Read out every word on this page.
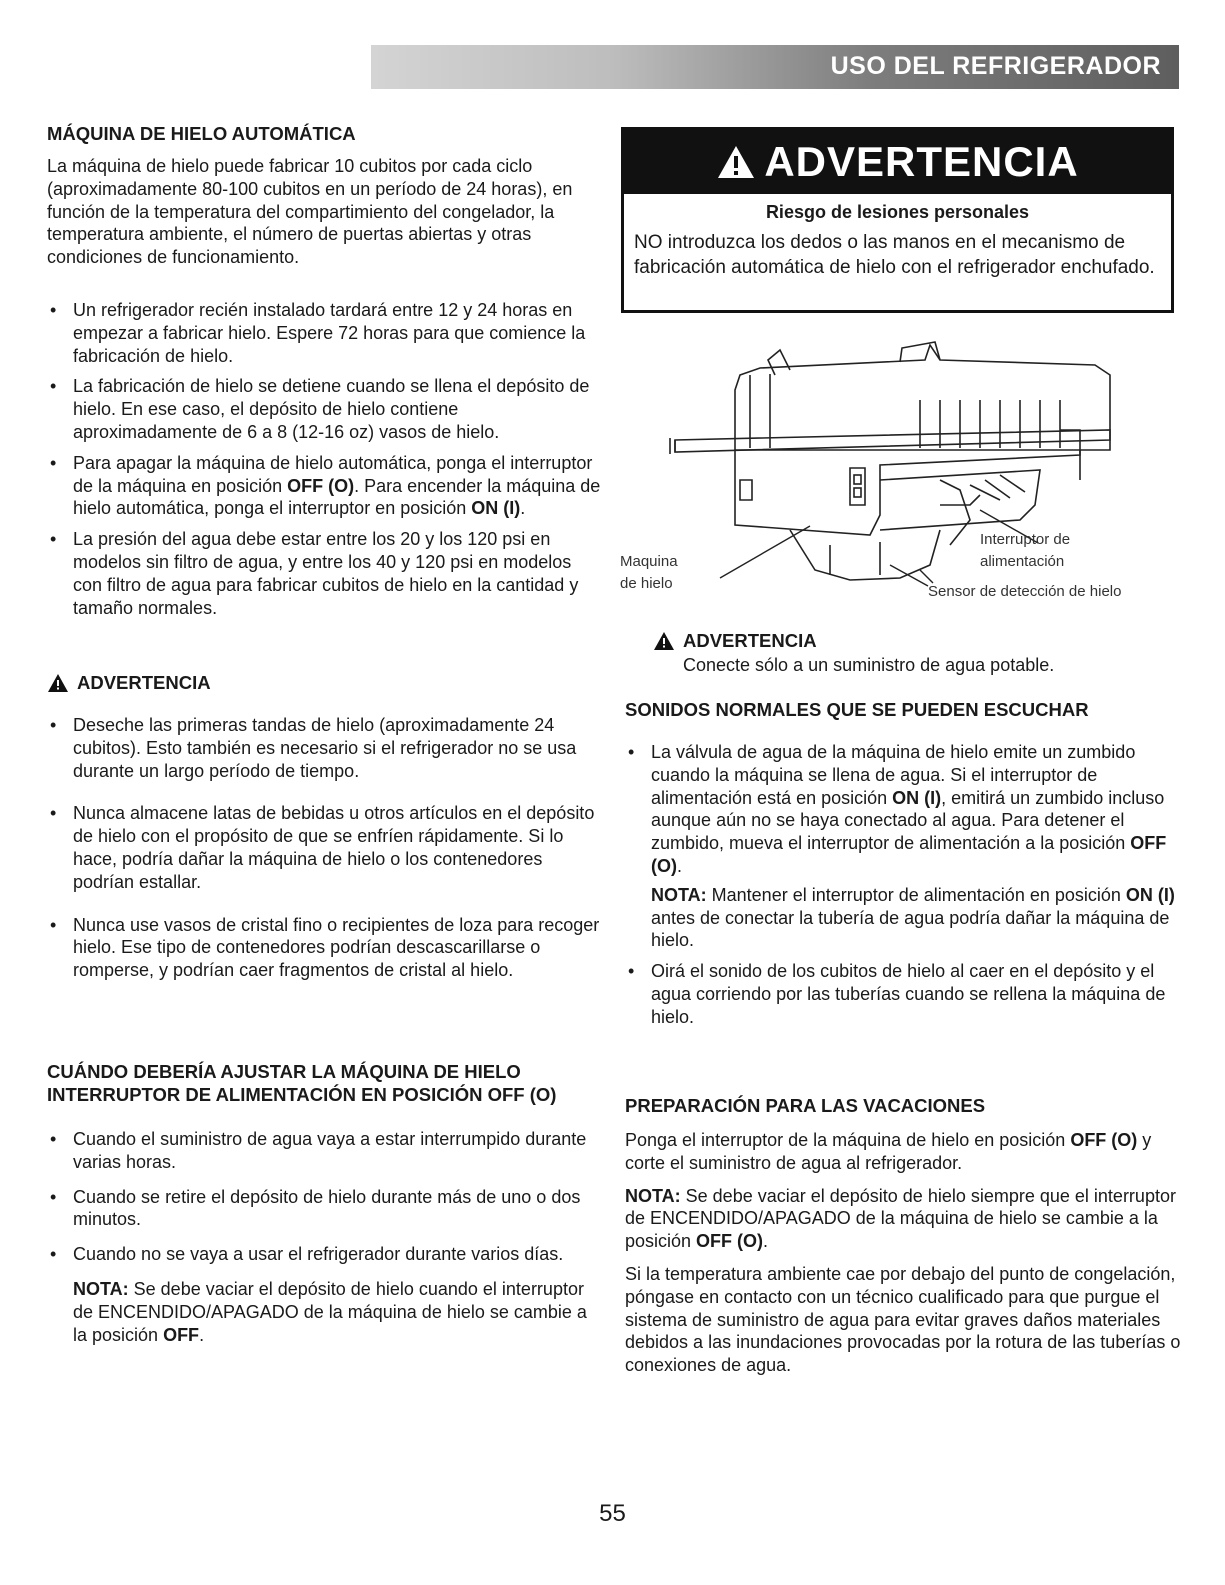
USO DEL REFRIGERADOR
MÁQUINA DE HIELO AUTOMÁTICA

La máquina de hielo puede fabricar 10 cubitos por cada ciclo (aproximadamente 80-100 cubitos en un período de 24 horas), en función de la temperatura del compartimiento del congelador, la temperatura ambiente, el número de puertas abiertas y otras condiciones de funcionamiento.

• Un refrigerador recién instalado tardará entre 12 y 24 horas en empezar a fabricar hielo. Espere 72 horas para que comience la fabricación de hielo.
• La fabricación de hielo se detiene cuando se llena el depósito de hielo. En ese caso, el depósito de hielo contiene aproximadamente de 6 a 8 (12-16 oz) vasos de hielo.
• Para apagar la máquina de hielo automática, ponga el interruptor de la máquina en posición OFF (O). Para encender la máquina de hielo automática, ponga el interruptor en posición ON (I).
• La presión del agua debe estar entre los 20 y los 120 psi en modelos sin filtro de agua, y entre los 40 y 120 psi en modelos con filtro de agua para fabricar cubitos de hielo en la cantidad y tamaño normales.
ADVERTENCIA
• Deseche las primeras tandas de hielo (aproximadamente 24 cubitos). Esto también es necesario si el refrigerador no se usa durante un largo período de tiempo.
• Nunca almacene latas de bebidas u otros artículos en el depósito de hielo con el propósito de que se enfríen rápidamente. Si lo hace, podría dañar la máquina de hielo o los contenedores podrían estallar.
• Nunca use vasos de cristal fino o recipientes de loza para recoger hielo. Ese tipo de contenedores podrían descascarillarse o romperse, y podrían caer fragmentos de cristal al hielo.
CUÁNDO DEBERÍA AJUSTAR LA MÁQUINA DE HIELO
INTERRUPTOR DE ALIMENTACIÓN EN POSICIÓN OFF (O)
• Cuando el suministro de agua vaya a estar interrumpido durante varias horas.
• Cuando se retire el depósito de hielo durante más de uno o dos minutos.
• Cuando no se vaya a usar el refrigerador durante varios días.

NOTA: Se debe vaciar el depósito de hielo cuando el interruptor de ENCENDIDO/APAGADO de la máquina de hielo se cambie a la posición OFF.

ADVERTENCIA
Riesgo de lesiones personales
NO introduzca los dedos o las manos en el mecanismo de fabricación automática de hielo con el refrigerador enchufado.
Maquina
de hielo
Interruptor de
alimentación
Sensor de detección de hielo
ADVERTENCIA

Conecte sólo a un suministro de agua potable.

SONIDOS NORMALES QUE SE PUEDEN ESCUCHAR
• La válvula de agua de la máquina de hielo emite un zumbido cuando la máquina se llena de agua. Si el interruptor de alimentación está en posición ON (I), emitirá un zumbido incluso aunque aún no se haya conectado al agua. Para detener el zumbido, mueva el interruptor de alimentación a la posición OFF (O).

NOTA: Mantener el interruptor de alimentación en posición ON (I) antes de conectar la tubería de agua podría dañar la máquina de hielo.

• Oirá el sonido de los cubitos de hielo al caer en el depósito y el agua corriendo por las tuberías cuando se rellena la máquina de hielo.
PREPARACIÓN PARA LAS VACACIONES

Ponga el interruptor de la máquina de hielo en posición OFF (O) y corte el suministro de agua al refrigerador.

NOTA: Se debe vaciar el depósito de hielo siempre que el interruptor de ENCENDIDO/APAGADO de la máquina de hielo se cambie a la posición OFF (O).

Si la temperatura ambiente cae por debajo del punto de congelación, póngase en contacto con un técnico cualificado para que purgue el sistema de suministro de agua para evitar graves daños materiales debidos a las inundaciones provocadas por la rotura de las tuberías o conexiones de agua.

55
